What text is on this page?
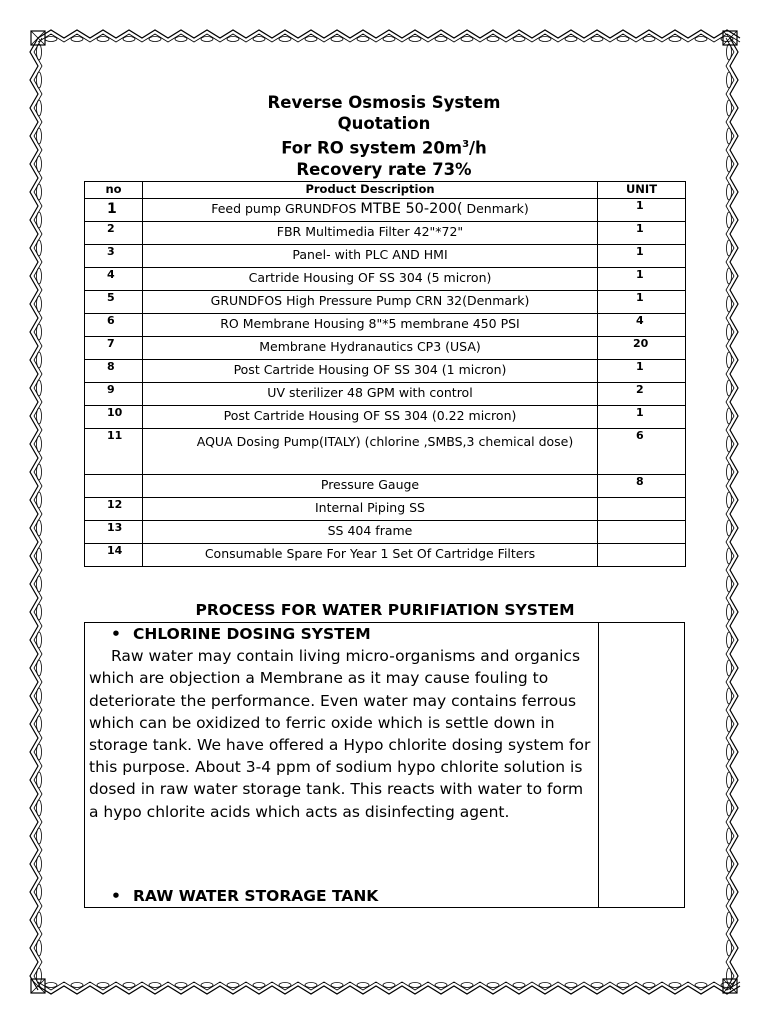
Reverse Osmosis System
Quotation
For RO system $20m^3/h$
Recovery rate 73%
no	Product Description	UNIT
1	Feed pump GRUNDFOS MTBE 50-200( Denmark)	1
2	FBR Multimedia Filter 42"*72"	1
3	Panel- with PLC AND HMI	1
4	Cartride Housing OF SS 304 (5 micron)	1
5	GRUNDFOS High Pressure Pump CRN 32(Denmark)	1
6	RO Membrane Housing 8"*5 membrane 450 PSI	4
7	Membrane Hydranautics CP3 (USA)	20
8	Post Cartride Housing OF SS 304 (1 micron)	1
9	UV sterilizer 48 GPM with control	2
10	Post Cartride Housing OF SS 304 (0.22 micron)	1
11	AQUA Dosing Pump(ITALY) (chlorine ,SMBS,3 chemical dose)	6
	Pressure Gauge	8
12	Internal Piping SS	
13	SS 404 frame	
14	Consumable Spare For Year 1 Set Of Cartridge Filters	
PROCESS FOR WATER PURIFIATION SYSTEM
• CHLORINE DOSING SYSTEM

Raw water may contain living micro-organisms and organics which are objection a Membrane as it may cause fouling to deteriorate the performance. Even water may contains ferrous which can be oxidized to ferric oxide which is settle down in storage tank. We have offered a Hypo chlorite dosing system for this purpose. About 3-4 ppm of sodium hypo chlorite solution is dosed in raw water storage tank. This reacts with water to form a hypo chlorite acids which acts as disinfecting agent.

• RAW WATER STORAGE TANK
